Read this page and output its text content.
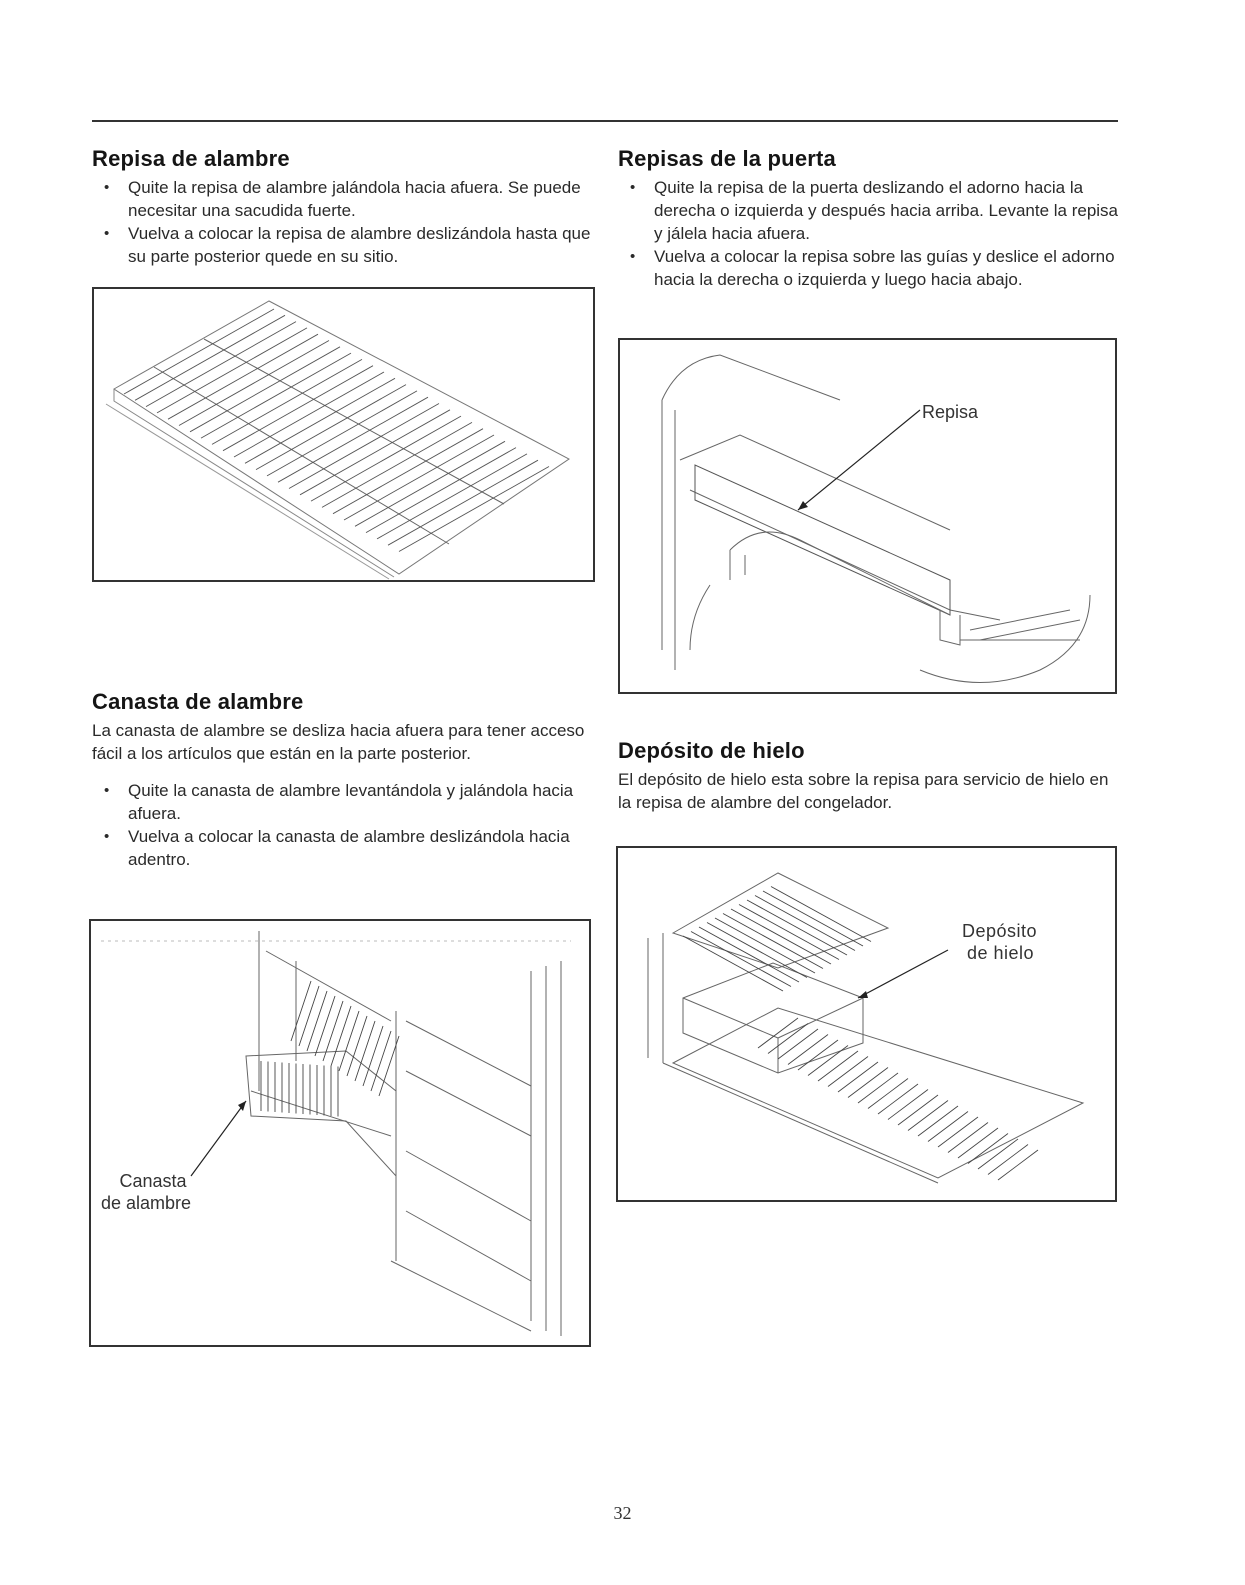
Repisa de alambre
• Quite la repisa de alambre jalándola hacia afuera. Se puede necesitar una sacudida fuerte.
• Vuelva a colocar la repisa de alambre deslizándola hasta que su parte posterior quede en su sitio.
Canasta de alambre

La canasta de alambre se desliza hacia afuera para tener acceso fácil a los artículos que están en la parte posterior.

• Quite la canasta de alambre levantándola y jalándola hacia afuera.
• Vuelva a colocar la canasta de alambre deslizándola hacia adentro.
Canasta
de alambre
Repisas de la puerta
• Quite la repisa de la puerta deslizando el adorno hacia la derecha o izquierda y después hacia arriba. Levante la repisa y jálela hacia afuera.
• Vuelva a colocar la repisa sobre las guías y deslice el adorno hacia la derecha o izquierda y luego hacia abajo.
Repisa
Depósito de hielo

El depósito de hielo esta sobre la repisa para servicio de hielo en la repisa de alambre del congelador.

Depósito
de hielo
32
